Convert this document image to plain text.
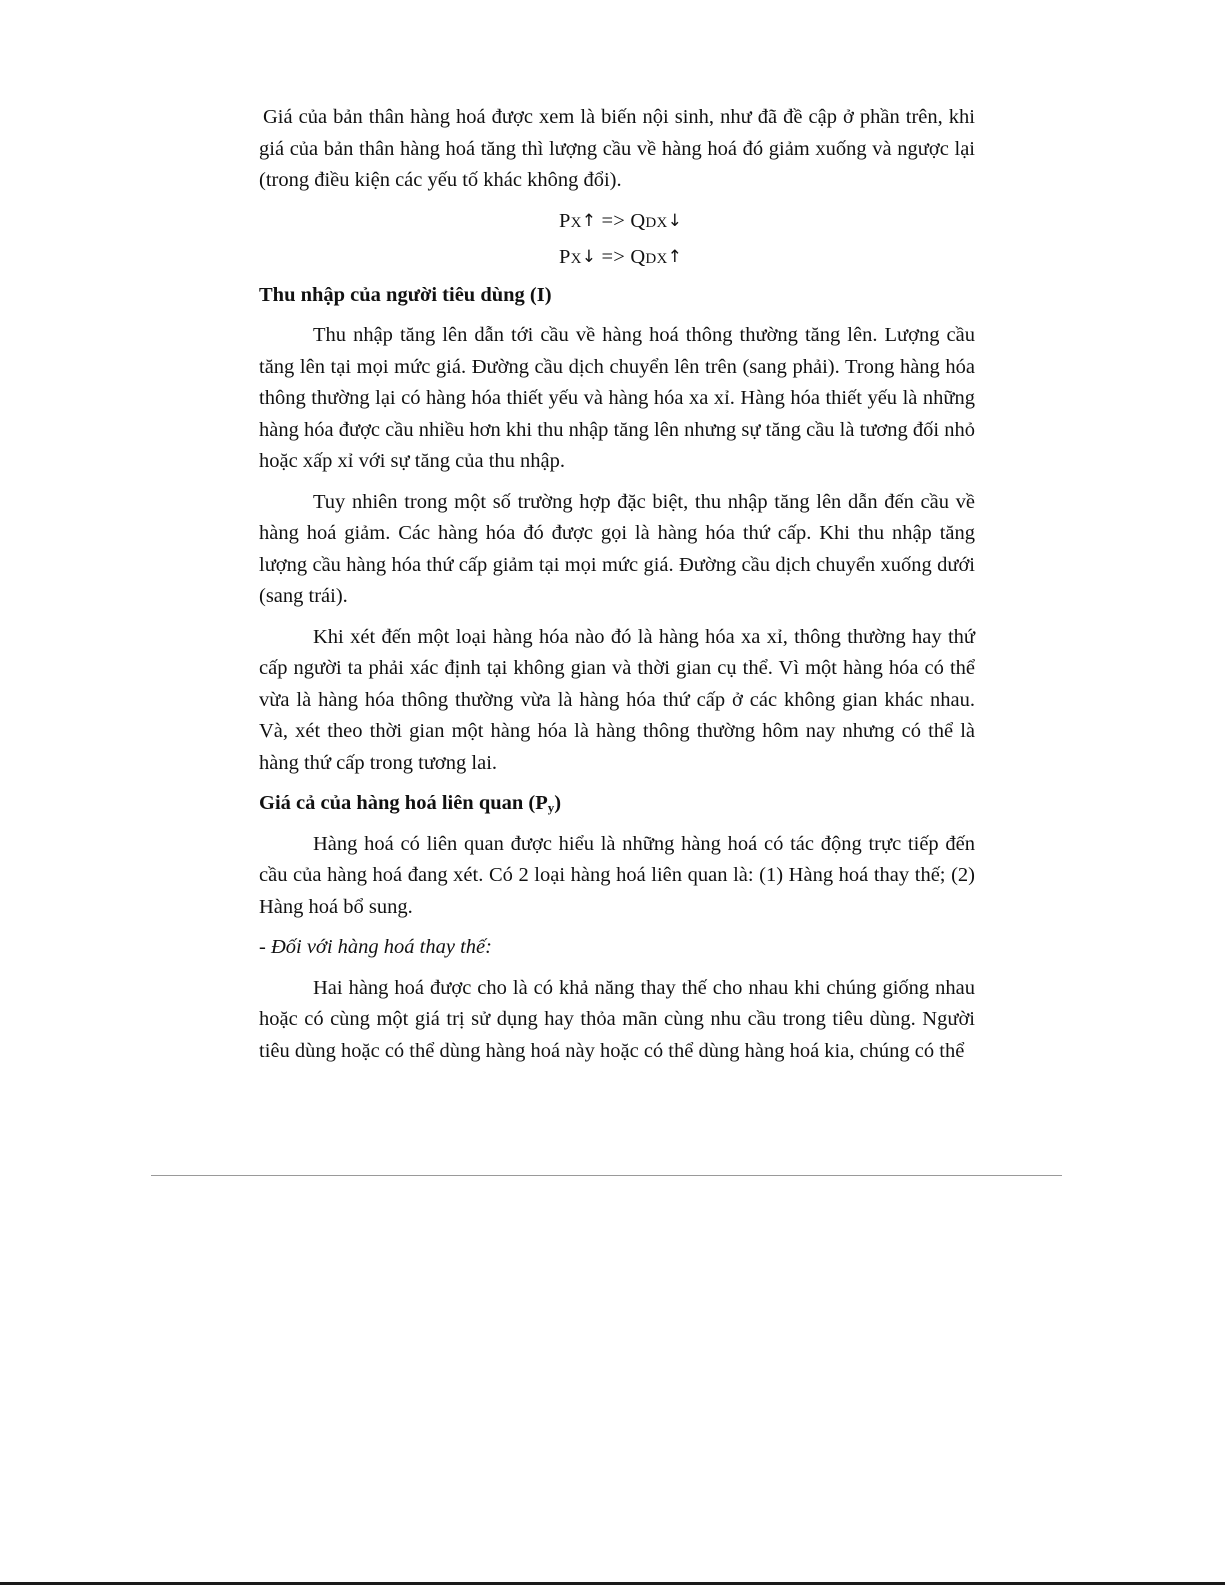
Giá của bản thân hàng hoá được xem là biến nội sinh, như đã đề cập ở phần trên, khi giá của bản thân hàng hoá tăng thì lượng cầu về hàng hoá đó giảm xuống và ngược lại (trong điều kiện các yếu tố khác không đổi).

PX↑ => QDX↓

PX↓ => QDX↑

Thu nhập của người tiêu dùng (I)

Thu nhập tăng lên dẫn tới cầu về hàng hoá thông thường tăng lên. Lượng cầu tăng lên tại mọi mức giá. Đường cầu dịch chuyển lên trên (sang phải). Trong hàng hóa thông thường lại có hàng hóa thiết yếu và hàng hóa xa xỉ. Hàng hóa thiết yếu là những hàng hóa được cầu nhiều hơn khi thu nhập tăng lên nhưng sự tăng cầu là tương đối nhỏ hoặc xấp xỉ với sự tăng của thu nhập.

Tuy nhiên trong một số trường hợp đặc biệt, thu nhập tăng lên dẫn đến cầu về hàng hoá giảm. Các hàng hóa đó được gọi là hàng hóa thứ cấp. Khi thu nhập tăng lượng cầu hàng hóa thứ cấp giảm tại mọi mức giá. Đường cầu dịch chuyển xuống dưới (sang trái).

Khi xét đến một loại hàng hóa nào đó là hàng hóa xa xỉ, thông thường hay thứ cấp người ta phải xác định tại không gian và thời gian cụ thể. Vì một hàng hóa có thể vừa là hàng hóa thông thường vừa là hàng hóa thứ cấp ở các không gian khác nhau. Và, xét theo thời gian một hàng hóa là hàng thông thường hôm nay nhưng có thể là hàng thứ cấp trong tương lai.

Giá cả của hàng hoá liên quan $(P_y)$

Hàng hoá có liên quan được hiểu là những hàng hoá có tác động trực tiếp đến cầu của hàng hoá đang xét. Có 2 loại hàng hoá liên quan là: (1) Hàng hoá thay thế; (2) Hàng hoá bổ sung.

- Đối với hàng hoá thay thế:

Hai hàng hoá được cho là có khả năng thay thế cho nhau khi chúng giống nhau hoặc có cùng một giá trị sử dụng hay thỏa mãn cùng nhu cầu trong tiêu dùng. Người tiêu dùng hoặc có thể dùng hàng hoá này hoặc có thể dùng hàng hoá kia, chúng có thể
